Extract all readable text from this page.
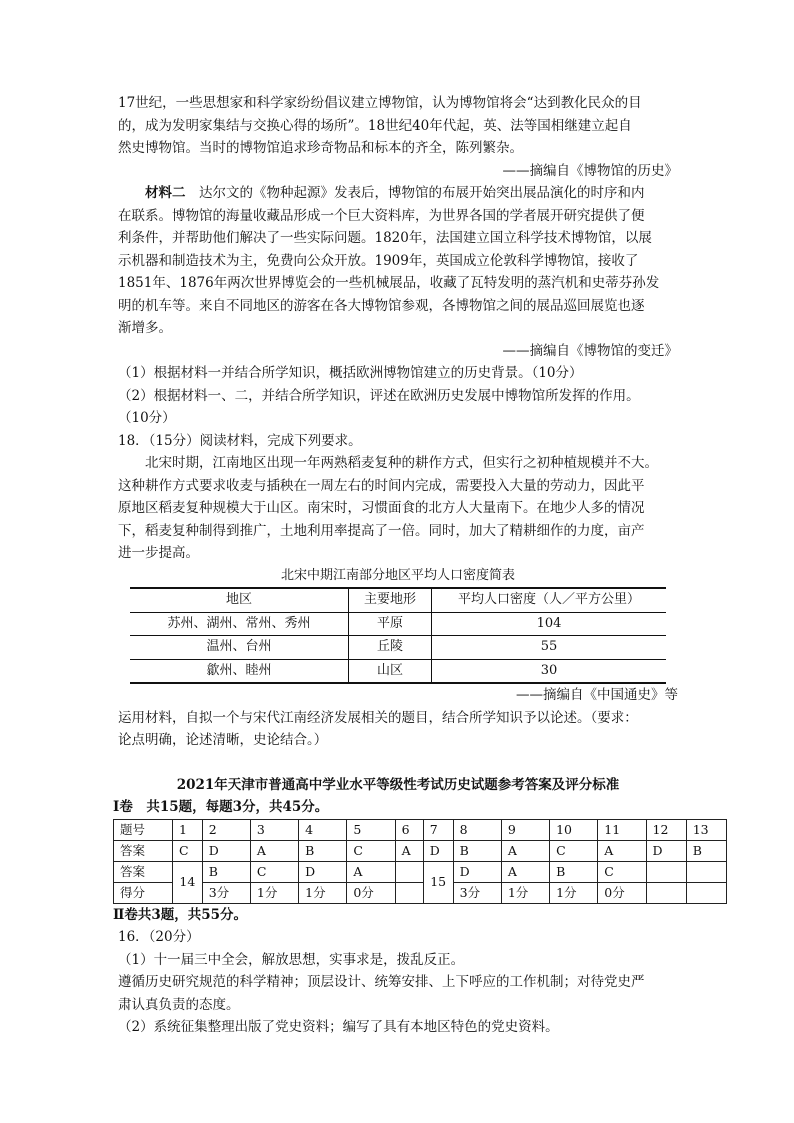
17世纪，一些思想家和科学家纷纷倡议建立博物馆，认为博物馆将会“达到教化民众的目

的，成为发明家集结与交换心得的场所”。18世纪40年代起，英、法等国相继建立起自

然史博物馆。当时的博物馆追求珍奇物品和标本的齐全，陈列繁杂。

——摘编自《博物馆的历史》

材料二　 达尔文的《物种起源》发表后，博物馆的布展开始突出展品演化的时序和内

在联系。博物馆的海量收藏品形成一个巨大资料库，为世界各国的学者展开研究提供了便

利条件，并帮助他们解决了一些实际问题。1820年，法国建立国立科学技术博物馆，以展

示机器和制造技术为主，免费向公众开放。1909年，英国成立伦敦科学博物馆，接收了

1851年、1876年两次世界博览会的一些机械展品，收藏了瓦特发明的蒸汽机和史蒂芬孙发

明的机车等。来自不同地区的游客在各大博物馆参观，各博物馆之间的展品巡回展览也逐

渐增多。

——摘编自《博物馆的变迁》

（1）根据材料一并结合所学知识，概括欧洲博物馆建立的历史背景。（10分）

（2）根据材料一、二，并结合所学知识，评述在欧洲历史发展中博物馆所发挥的作用。

（10分）

18．（15分）阅读材料，完成下列要求。

北宋时期，江南地区出现一年两熟稻麦复种的耕作方式，但实行之初种植规模并不大。

这种耕作方式要求收麦与插秧在一周左右的时间内完成，需要投入大量的劳动力，因此平

原地区稻麦复种规模大于山区。南宋时，习惯面食的北方人大量南下。在地少人多的情况

下，稻麦复种制得到推广，土地利用率提高了一倍。同时，加大了精耕细作的力度，亩产

进一步提高。

北宋中期江南部分地区平均人口密度简表

地区	主要地形	平均人口密度（人／平方公里）
苏州、湖州、常州、秀州	平原	104
温州、台州	丘陵	55
歙州、睦州	山区	30

——摘编自《中国通史》等

运用材料，自拟一个与宋代江南经济发展相关的题目，结合所学知识予以论述。（要求：

论点明确，论述清晰，史论结合。）

2021年天津市普通高中学业水平等级性考试历史试题参考答案及评分标准

Ⅰ卷　共15题，每题3分，共45分。

题号	1	2	3	4	5	6	7	8	9	10	11	12	13
答案	C	D	A	B	C	A	D	B	A	C	A	D	B
答案	14	B	C	D	A		15	D	A	B	C		
得分		3分	1分	1分	0分			3分	1分	1分	0分		

Ⅱ卷共3题，共55分。

16．（20分）

（1）十一届三中全会，解放思想，实事求是，拨乱反正。

遵循历史研究规范的科学精神；顶层设计、统筹安排、上下呼应的工作机制；对待党史严

肃认真负责的态度。

（2）系统征集整理出版了党史资料；编写了具有本地区特色的党史资料。
